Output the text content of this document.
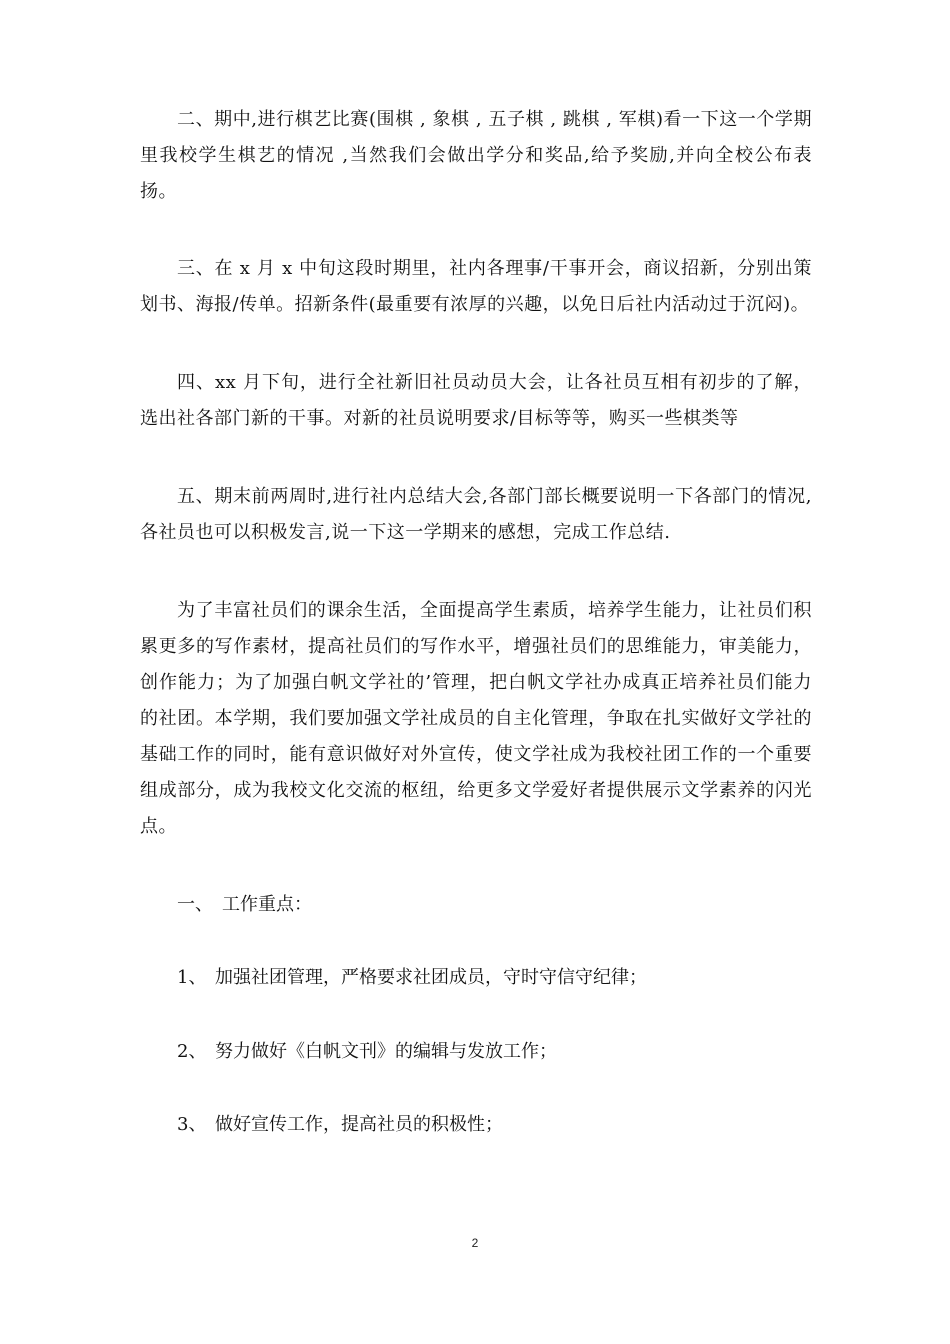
二、期中,进行棋艺比赛(围棋 , 象棋 , 五子棋 , 跳棋 , 军棋)看一下这一个学期里我校学生棋艺的情况 ,当然我们会做出学分和奖品,给予奖励,并向全校公布表扬。

三、在 x 月 x 中旬这段时期里，社内各理事/干事开会，商议招新，分别出策划书、海报/传单。招新条件(最重要有浓厚的兴趣，以免日后社内活动过于沉闷)。

四、xx 月下旬，进行全社新旧社员动员大会，让各社员互相有初步的了解，选出社各部门新的干事。对新的社员说明要求/目标等等，购买一些棋类等

五、期末前两周时,进行社内总结大会,各部门部长概要说明一下各部门的情况,各社员也可以积极发言,说一下这一学期来的感想，完成工作总结.

为了丰富社员们的课余生活，全面提高学生素质，培养学生能力，让社员们积累更多的写作素材，提高社员们的写作水平，增强社员们的思维能力，审美能力，创作能力；为了加强白帆文学社的’管理，把白帆文学社办成真正培养社员们能力的社团。本学期，我们要加强文学社成员的自主化管理，争取在扎实做好文学社的基础工作的同时，能有意识做好对外宣传，使文学社成为我校社团工作的一个重要组成部分，成为我校文化交流的枢纽，给更多文学爱好者提供展示文学素养的闪光点。

一、 工作重点：

1、 加强社团管理，严格要求社团成员，守时守信守纪律；

2、 努力做好《白帆文刊》的编辑与发放工作；

3、 做好宣传工作，提高社员的积极性；

2
